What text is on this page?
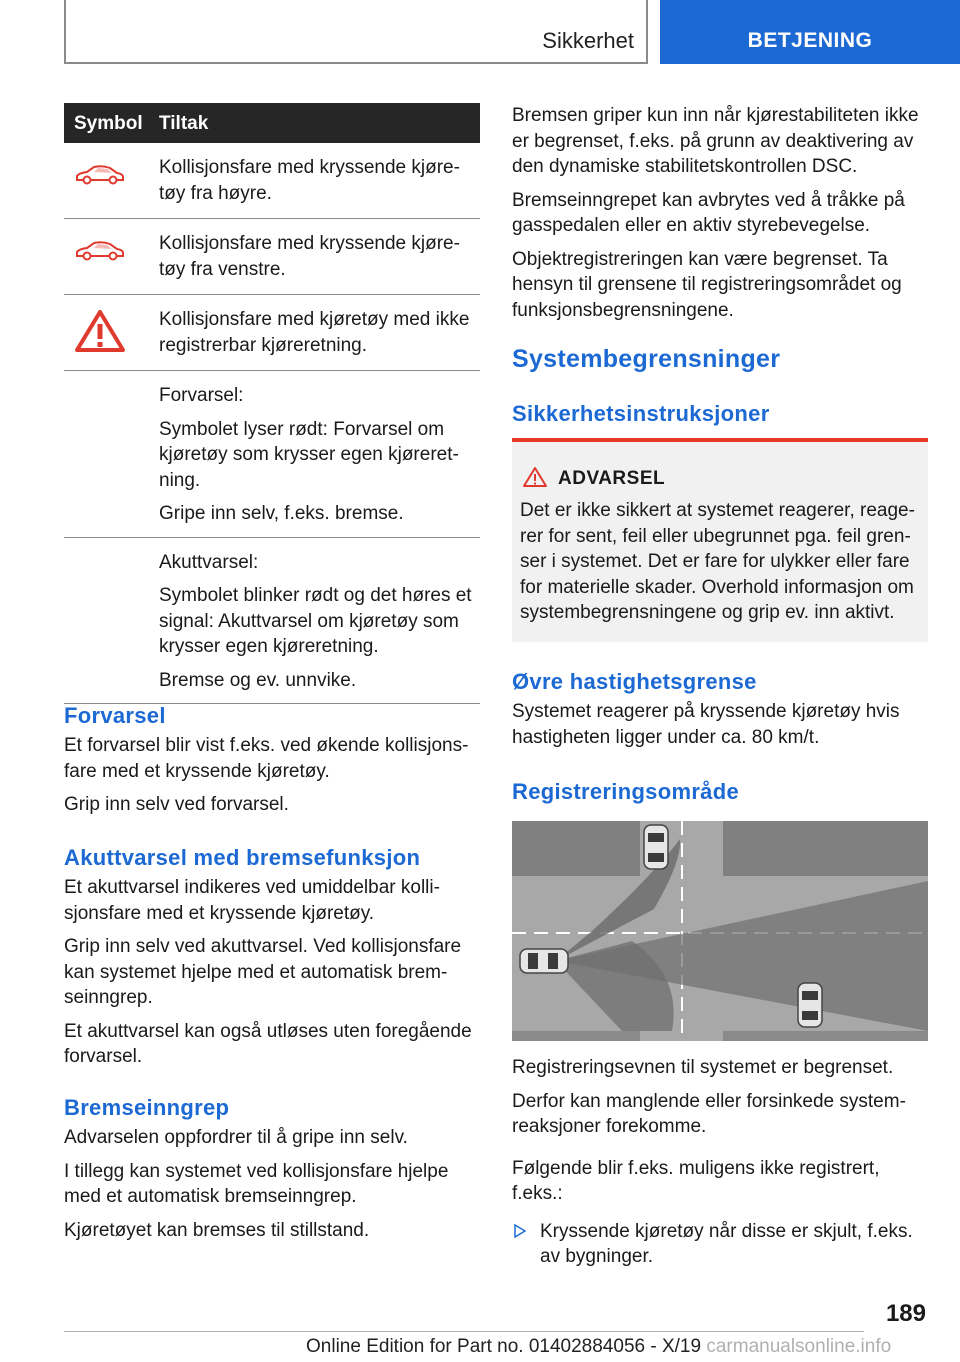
Sikkerhet	BETJENING
Symbol Tiltak

Kollisjonsfare med kryssende kjøre-tøy fra høyre.

Kollisjonsfare med kryssende kjøre-tøy fra venstre.

Kollisjonsfare med kjøretøy med ikke registrerbar kjøreretning.

Forvarsel:

Symbolet lyser rødt: Forvarsel om kjøretøy som krysser egen kjøreret-ning.

Gripe inn selv, f.eks. bremse.

Akuttvarsel:

Symbolet blinker rødt og det høres et signal: Akuttvarsel om kjøretøy som krysser egen kjøreretning.

Bremse og ev. unnvike.

Forvarsel

Et forvarsel blir vist f.eks. ved økende kollisjons-fare med et kryssende kjøretøy.

Grip inn selv ved forvarsel.

Akuttvarsel med bremsefunksjon

Et akuttvarsel indikeres ved umiddelbar kolli-sjonsfare med et kryssende kjøretøy.

Grip inn selv ved akuttvarsel. Ved kollisjonsfare kan systemet hjelpe med et automatisk brem-seinngrep.

Et akuttvarsel kan også utløses uten foregående forvarsel.

Bremseinngrep

Advarselen oppfordrer til å gripe inn selv.

I tillegg kan systemet ved kollisjonsfare hjelpe med et automatisk bremseinngrep.

Kjøretøyet kan bremses til stillstand.

Bremsen griper kun inn når kjørestabiliteten ikke er begrenset, f.eks. på grunn av deaktivering av den dynamiske stabilitetskontrollen DSC.

Bremseinngrepet kan avbrytes ved å tråkke på gasspedalen eller en aktiv styrebevegelse.

Objektregistreringen kan være begrenset. Ta hensyn til grensene til registreringsområdet og funksjonsbegrensningene.

Systembegrensninger
Sikkerhetsinstruksjoner
ADVARSEL

Det er ikke sikkert at systemet reagerer, reage-rer for sent, feil eller ubegrunnet pga. feil gren-ser i systemet. Det er fare for ulykker eller fare for materielle skader. Overhold informasjon om systembegrensningene og grip ev. inn aktivt.

Øvre hastighetsgrense

Systemet reagerer på kryssende kjøretøy hvis hastigheten ligger under ca. 80 km/t.

Registreringsområde

Registreringsevnen til systemet er begrenset.

Derfor kan manglende eller forsinkede system-reaksjoner forekomme.

Følgende blir f.eks. muligens ikke registrert, f.eks.:

Kryssende kjøretøy når disse er skjult, f.eks. av bygninger.

189
Online Edition for Part no. 01402884056 - X/19 carmanualsonline.info
